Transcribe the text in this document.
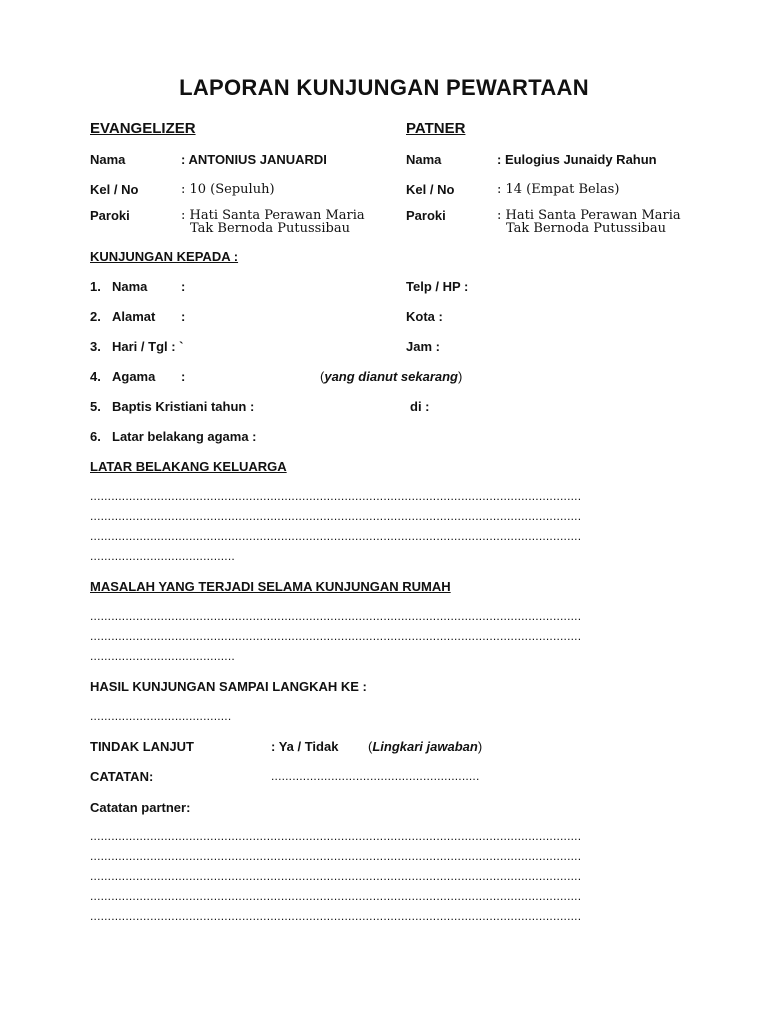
LAPORAN KUNJUNGAN PEWARTAAN
EVANGELIZER
Nama	: ANTONIUS JANUARDI
Kel / No	: 10 (Sepuluh)
Paroki	: Hati Santa Perawan Maria
Tak Bernoda Putussibau
PATNER
Nama	: Eulogius Junaidy Rahun
Kel / No	: 14 (Empat Belas)
Paroki	: Hati Santa Perawan Maria
Tak Bernoda Putussibau
KUNJUNGAN KEPADA :
1. Nama	:	Telp / HP :
2. Alamat :	Kota :
3. Hari / Tgl : `	Jam :
4. Agama :	(yang dianut sekarang)
5. Baptis Kristiani tahun :	di :
6. Latar belakang agama :
LATAR BELAKANG KELUARGA
...........................................................................................................................................
...........................................................................................................................................
...........................................................................................................................................
.........................................
MASALAH YANG TERJADI SELAMA KUNJUNGAN RUMAH
...........................................................................................................................................
...........................................................................................................................................
.........................................
HASIL KUNJUNGAN SAMPAI LANGKAH KE :
........................................
TINDAK LANJUT	: Ya / Tidak (Lingkari jawaban)
CATATAN:	...........................................................
Catatan partner:
...........................................................................................................................................
...........................................................................................................................................
...........................................................................................................................................
...........................................................................................................................................
...........................................................................................................................................
